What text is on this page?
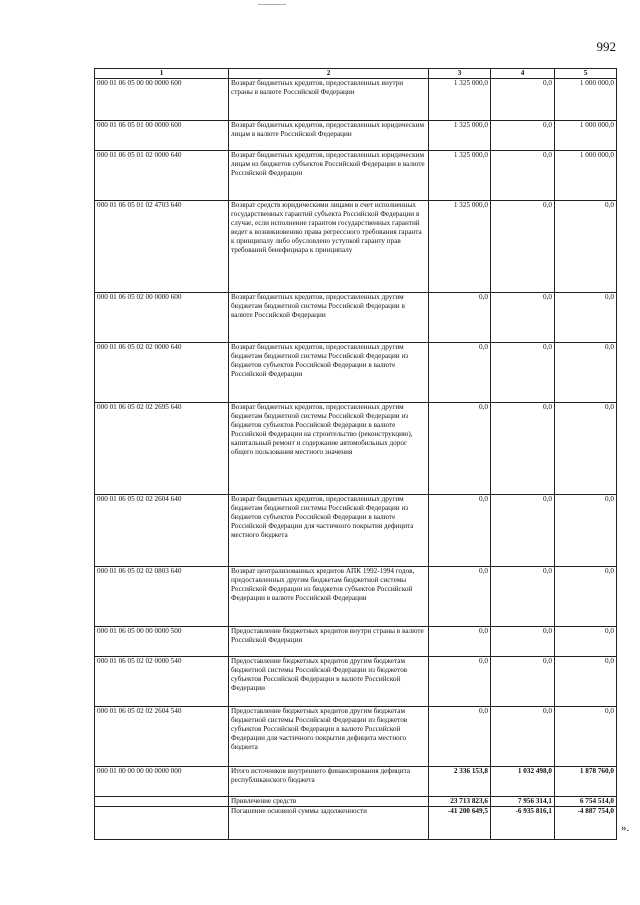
992
1	2	3	4	5
000 01 06 05 00 00 0000 600	Возврат бюджетных кредитов, предоставленных внутри страны в валюте Российской Федерации	1 325 000,0	0,0	1 000 000,0
000 01 06 05 01 00 0000 600	Возврат бюджетных кредитов, предоставленных юридическим лицам в валюте Российской Федерации	1 325 000,0	0,0	1 000 000,0
000 01 06 05 01 02 0000 640	Возврат бюджетных кредитов, предоставленных юридическим лицам из бюджетов субъектов Российской Федерации в валюте Российской Федерации	1 325 000,0	0,0	1 000 000,0
000 01 06 05 01 02 4703 640	Возврат средств юридическими лицами в счет исполненных государственных гарантий субъекта Российской Федерации в случае, если исполнение гарантом государственных гарантий ведет к возникновению права регрессного требования гаранта к принципалу либо обусловлено уступкой гаранту прав требований бенефициара к принципалу	1 325 000,0	0,0	0,0
000 01 06 05 02 00 0000 600	Возврат бюджетных кредитов, предоставленных другим бюджетам бюджетной системы Российской Федерации в валюте Российской Федерации	0,0	0,0	0,0
000 01 06 05 02 02 0000 640	Возврат бюджетных кредитов, предоставленных другим бюджетам бюджетной системы Российской Федерации из бюджетов субъектов Российской Федерации в валюте Российской Федерации	0,0	0,0	0,0
000 01 06 05 02 02 2695 640	Возврат бюджетных кредитов, предоставленных другим бюджетам бюджетной системы Российской Федерации из бюджетов субъектов Российской Федерации в валюте Российской Федерации на строительство (реконструкцию), капитальный ремонт и содержание автомобильных дорог общего пользования местного значения	0,0	0,0	0,0
000 01 06 05 02 02 2604 640	Возврат бюджетных кредитов, предоставленных другим бюджетам бюджетной системы Российской Федерации из бюджетов субъектов Российской Федерации в валюте Российской Федерации для частичного покрытия дефицита местного бюджета	0,0	0,0	0,0
000 01 06 05 02 02 0803 640	Возврат централизованных кредитов АПК 1992-1994 годов, предоставленных другим бюджетам бюджетной системы Российской Федерации из бюджетов субъектов Российской Федерации в валюте Российской Федерации	0,0	0,0	0,0
000 01 06 05 00 00 0000 500	Предоставление бюджетных кредитов внутри страны в валюте Российской Федерации	0,0	0,0	0,0
000 01 06 05 02 02 0000 540	Предоставление бюджетных кредитов другим бюджетам бюджетной системы Российской Федерации из бюджетов субъектов Российской Федерации в валюте Российской Федерации	0,0	0,0	0,0
000 01 06 05 02 02 2604 540	Предоставление бюджетных кредитов другим бюджетам бюджетной системы Российской Федерации из бюджетов субъектов Российской Федерации в валюте Российской Федерации для частичного покрытия дефицита местного бюджета	0,0	0,0	0,0
000 01 00 00 00 00 0000 000	Итого источников внутреннего финансирования дефицита республиканского бюджета	2 336 153,8	1 032 498,0	1 878 760,0
	Привлечение средств	23 713 823,6	7 956 314,1	6 754 514,0
	Погашение основной суммы задолженности	-41 200 649,5	-6 935 816,1	-4 887 754,0
».
